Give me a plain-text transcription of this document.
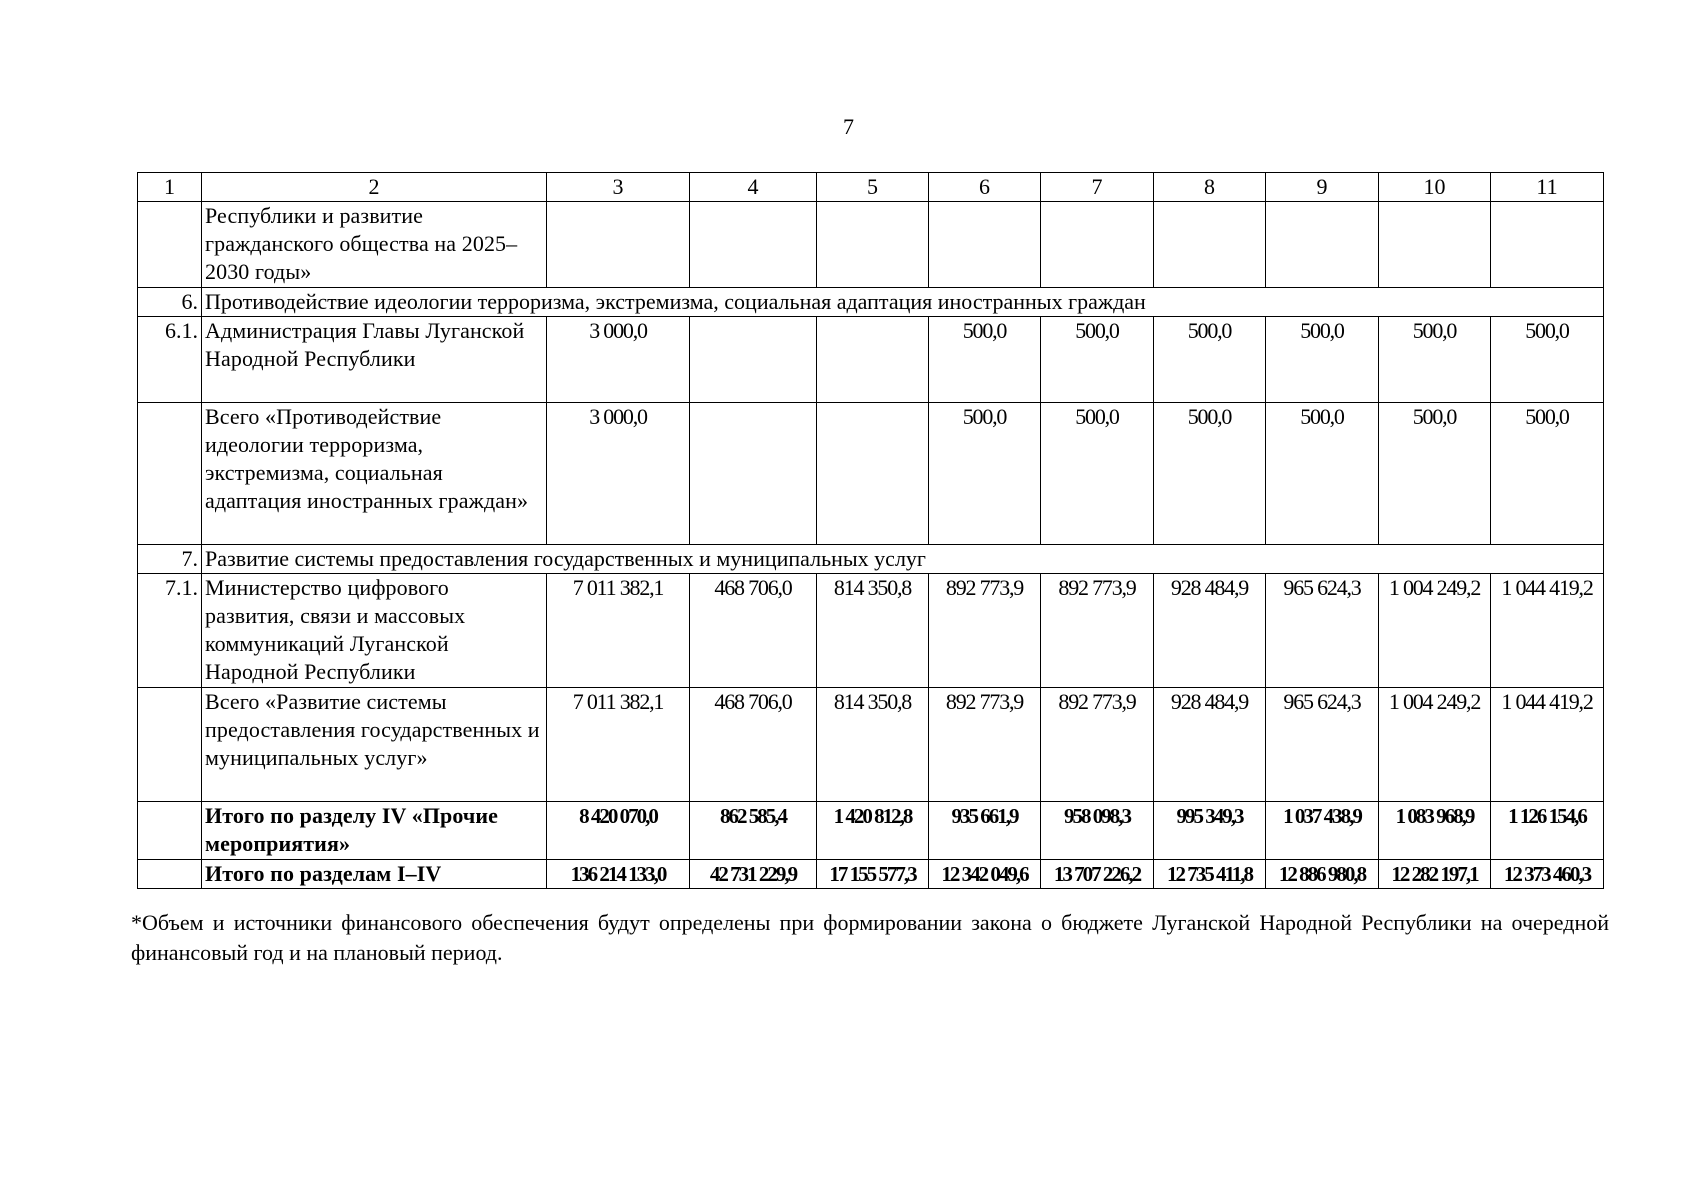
7
1	2	3	4	5	6	7	8	9	10	11
	Республики и развитие гражданского общества на 2025–2030 годы»									
6.	Противодействие идеологии терроризма, экстремизма, социальная адаптация иностранных граждан									
6.1.	Администрация Главы Луганской Народной Республики	3 000,0			500,0	500,0	500,0	500,0	500,0	500,0
	Всего «Противодействие идеологии терроризма, экстремизма, социальная адаптация иностранных граждан»	3 000,0			500,0	500,0	500,0	500,0	500,0	500,0
7.	Развитие системы предоставления государственных и муниципальных услуг									
7.1.	Министерство цифрового развития, связи и массовых коммуникаций Луганской Народной Республики	7 011 382,1	468 706,0	814 350,8	892 773,9	892 773,9	928 484,9	965 624,3	1 004 249,2	1 044 419,2
	Всего «Развитие системы предоставления государственных и муниципальных услуг»	7 011 382,1	468 706,0	814 350,8	892 773,9	892 773,9	928 484,9	965 624,3	1 004 249,2	1 044 419,2
	Итого по разделу IV «Прочие мероприятия»	8 420 070,0	862 585,4	1 420 812,8	935 661,9	958 098,3	995 349,3	1 037 438,9	1 083 968,9	1 126 154,6
	Итого по разделам I–IV	136 214 133,0	42 731 229,9	17 155 577,3	12 342 049,6	13 707 226,2	12 735 411,8	12 886 980,8	12 282 197,1	12 373 460,3
*Объем и источники финансового обеспечения будут определены при формировании закона о бюджете Луганской Народной Республики на очередной финансовый год и на плановый период.
